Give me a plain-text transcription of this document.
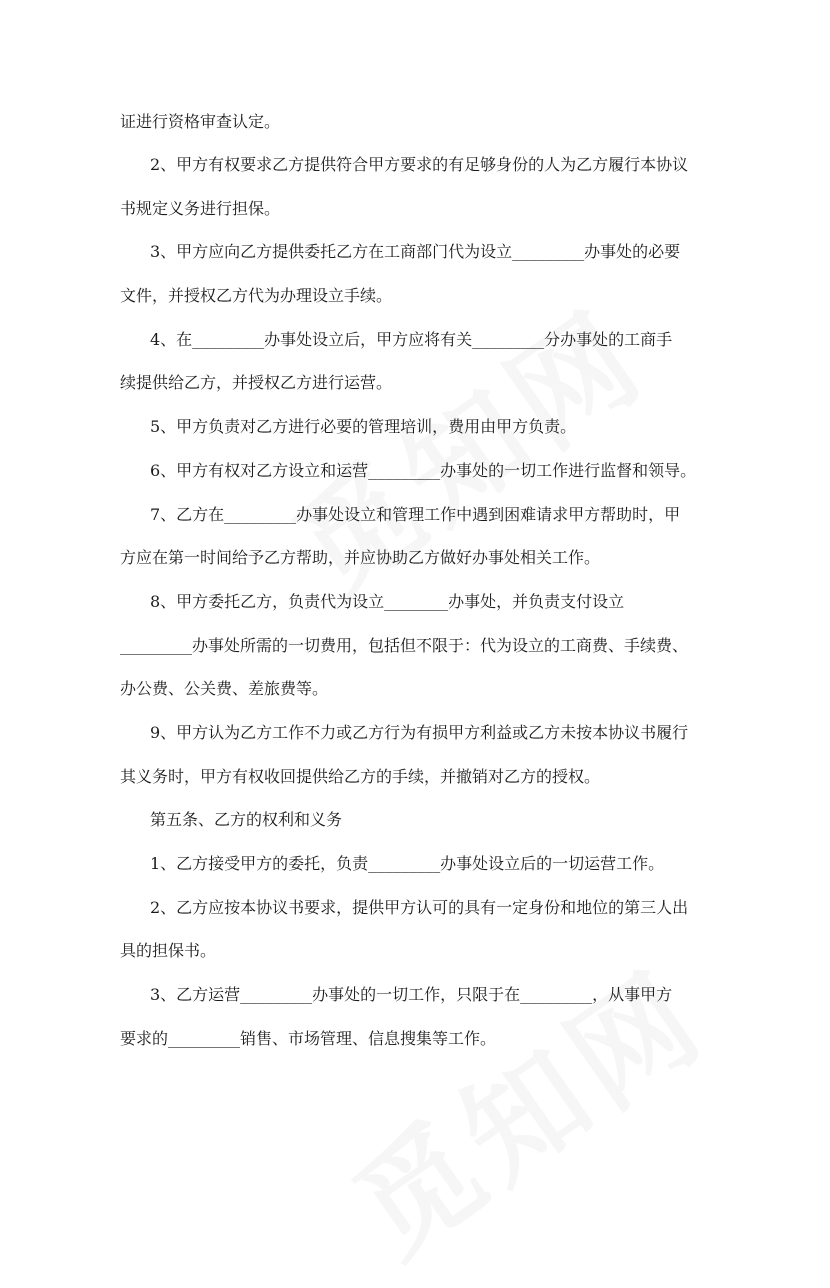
证进行资格审查认定。
2、甲方有权要求乙方提供符合甲方要求的有足够身份的人为乙方履行本协议
书规定义务进行担保。
3、甲方应向乙方提供委托乙方在工商部门代为设立_________办事处的必要
文件，并授权乙方代为办理设立手续。
4、在_________办事处设立后，甲方应将有关_________分办事处的工商手
续提供给乙方，并授权乙方进行运营。
5、甲方负责对乙方进行必要的管理培训，费用由甲方负责。
6、甲方有权对乙方设立和运营_________办事处的一切工作进行监督和领导。
7、乙方在_________办事处设立和管理工作中遇到困难请求甲方帮助时，甲
方应在第一时间给予乙方帮助，并应协助乙方做好办事处相关工作。
8、甲方委托乙方，负责代为设立________办事处，并负责支付设立
_________办事处所需的一切费用，包括但不限于：代为设立的工商费、手续费、
办公费、公关费、差旅费等。
9、甲方认为乙方工作不力或乙方行为有损甲方利益或乙方未按本协议书履行
其义务时，甲方有权收回提供给乙方的手续，并撤销对乙方的授权。
第五条、乙方的权利和义务
1、乙方接受甲方的委托，负责_________办事处设立后的一切运营工作。
2、乙方应按本协议书要求，提供甲方认可的具有一定身份和地位的第三人出
具的担保书。
3、乙方运营_________办事处的一切工作，只限于在_________，从事甲方
要求的_________销售、市场管理、信息搜集等工作。
